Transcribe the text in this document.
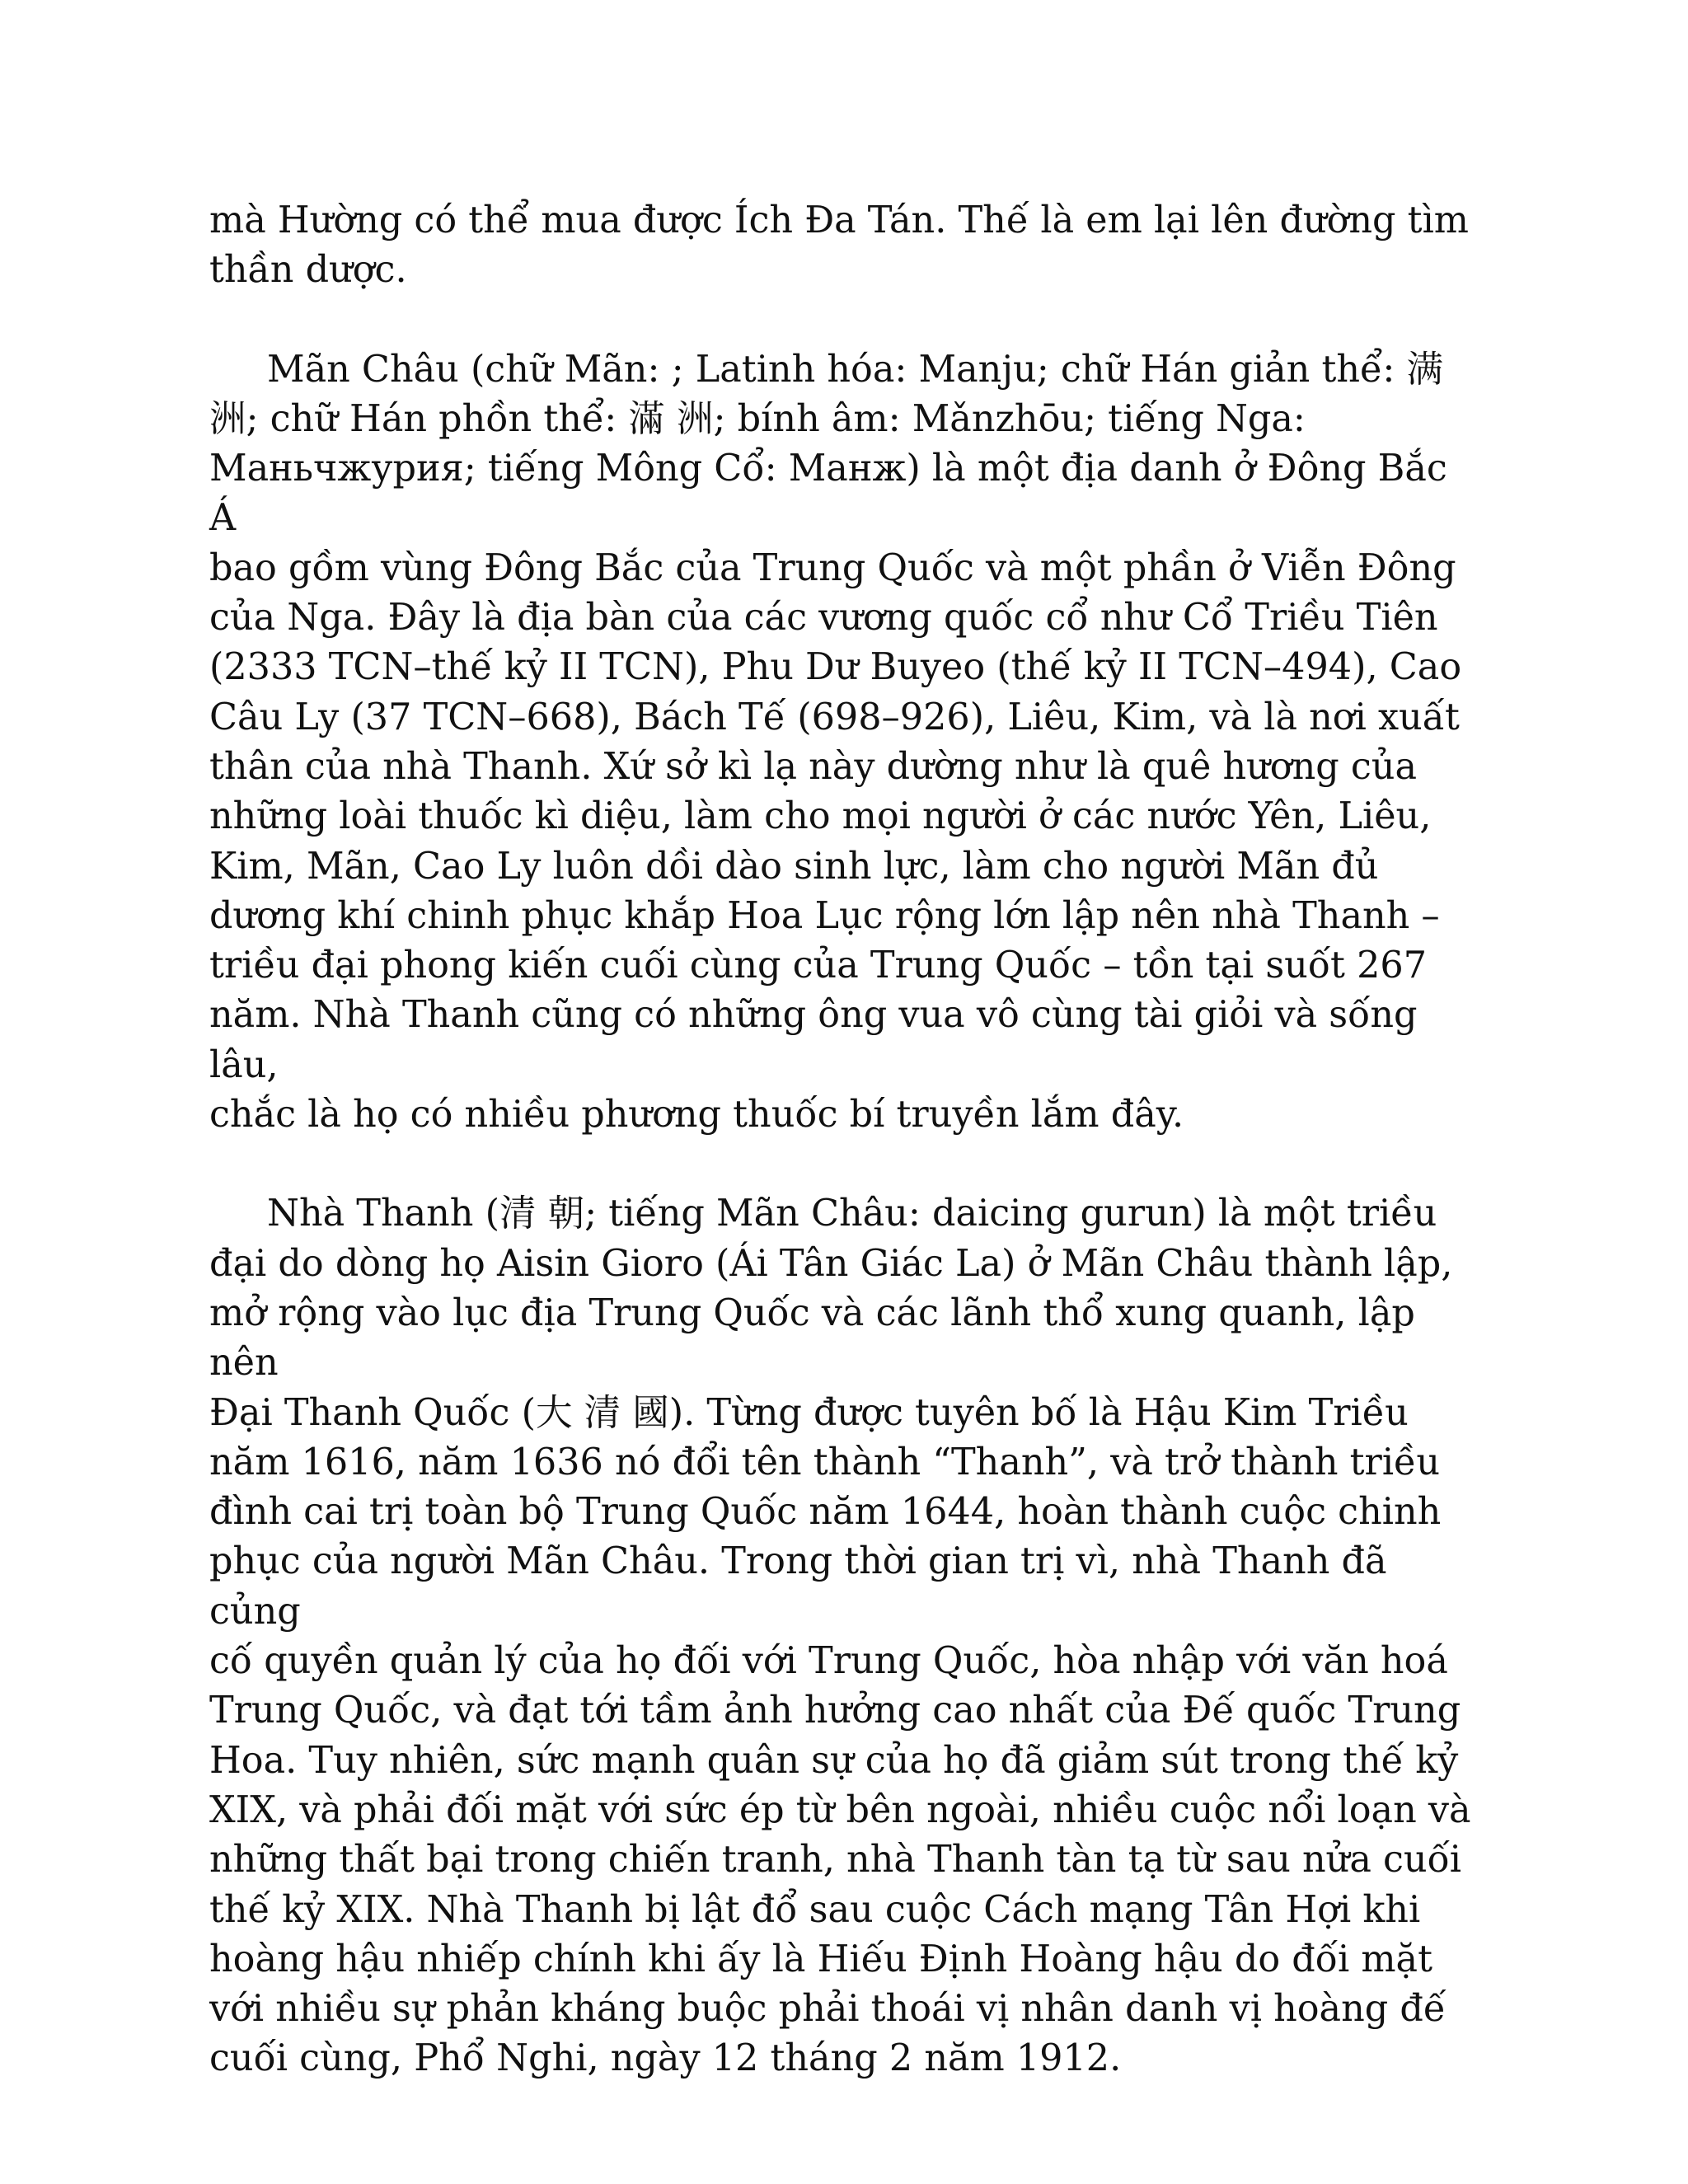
mà Hường có thể mua được Ích Đa Tán. Thế là em lại lên đường tìm
thần dược.

Mãn Châu (chữ Mãn: ; Latinh hóa: Manju; chữ Hán giản thể: 满
洲; chữ Hán phồn thể: 滿 洲; bính âm: Mǎnzhōu; tiếng Nga:
Маньчжурия; tiếng Mông Cổ: Манж) là một địa danh ở Đông Bắc Á
bao gồm vùng Đông Bắc của Trung Quốc và một phần ở Viễn Đông
của Nga. Đây là địa bàn của các vương quốc cổ như Cổ Triều Tiên
(2333 TCN–thế kỷ II TCN), Phu Dư Buyeo (thế kỷ II TCN–494), Cao
Câu Ly (37 TCN–668), Bách Tế (698–926), Liêu, Kim, và là nơi xuất
thân của nhà Thanh. Xứ sở kì lạ này dường như là quê hương của
những loài thuốc kì diệu, làm cho mọi người ở các nước Yên, Liêu,
Kim, Mãn, Cao Ly luôn dồi dào sinh lực, làm cho người Mãn đủ
dương khí chinh phục khắp Hoa Lục rộng lớn lập nên nhà Thanh –
triều đại phong kiến cuối cùng của Trung Quốc – tồn tại suốt 267
năm. Nhà Thanh cũng có những ông vua vô cùng tài giỏi và sống lâu,
chắc là họ có nhiều phương thuốc bí truyền lắm đây.

Nhà Thanh (清 朝; tiếng Mãn Châu: daicing gurun) là một triều
đại do dòng họ Aisin Gioro (Ái Tân Giác La) ở Mãn Châu thành lập,
mở rộng vào lục địa Trung Quốc và các lãnh thổ xung quanh, lập nên
Đại Thanh Quốc (大 清 國). Từng được tuyên bố là Hậu Kim Triều
năm 1616, năm 1636 nó đổi tên thành “Thanh”, và trở thành triều
đình cai trị toàn bộ Trung Quốc năm 1644, hoàn thành cuộc chinh
phục của người Mãn Châu. Trong thời gian trị vì, nhà Thanh đã củng
cố quyền quản lý của họ đối với Trung Quốc, hòa nhập với văn hoá
Trung Quốc, và đạt tới tầm ảnh hưởng cao nhất của Đế quốc Trung
Hoa. Tuy nhiên, sức mạnh quân sự của họ đã giảm sút trong thế kỷ
XIX, và phải đối mặt với sức ép từ bên ngoài, nhiều cuộc nổi loạn và
những thất bại trong chiến tranh, nhà Thanh tàn tạ từ sau nửa cuối
thế kỷ XIX. Nhà Thanh bị lật đổ sau cuộc Cách mạng Tân Hợi khi
hoàng hậu nhiếp chính khi ấy là Hiếu Định Hoàng hậu do đối mặt
với nhiều sự phản kháng buộc phải thoái vị nhân danh vị hoàng đế
cuối cùng, Phổ Nghi, ngày 12 tháng 2 năm 1912.
